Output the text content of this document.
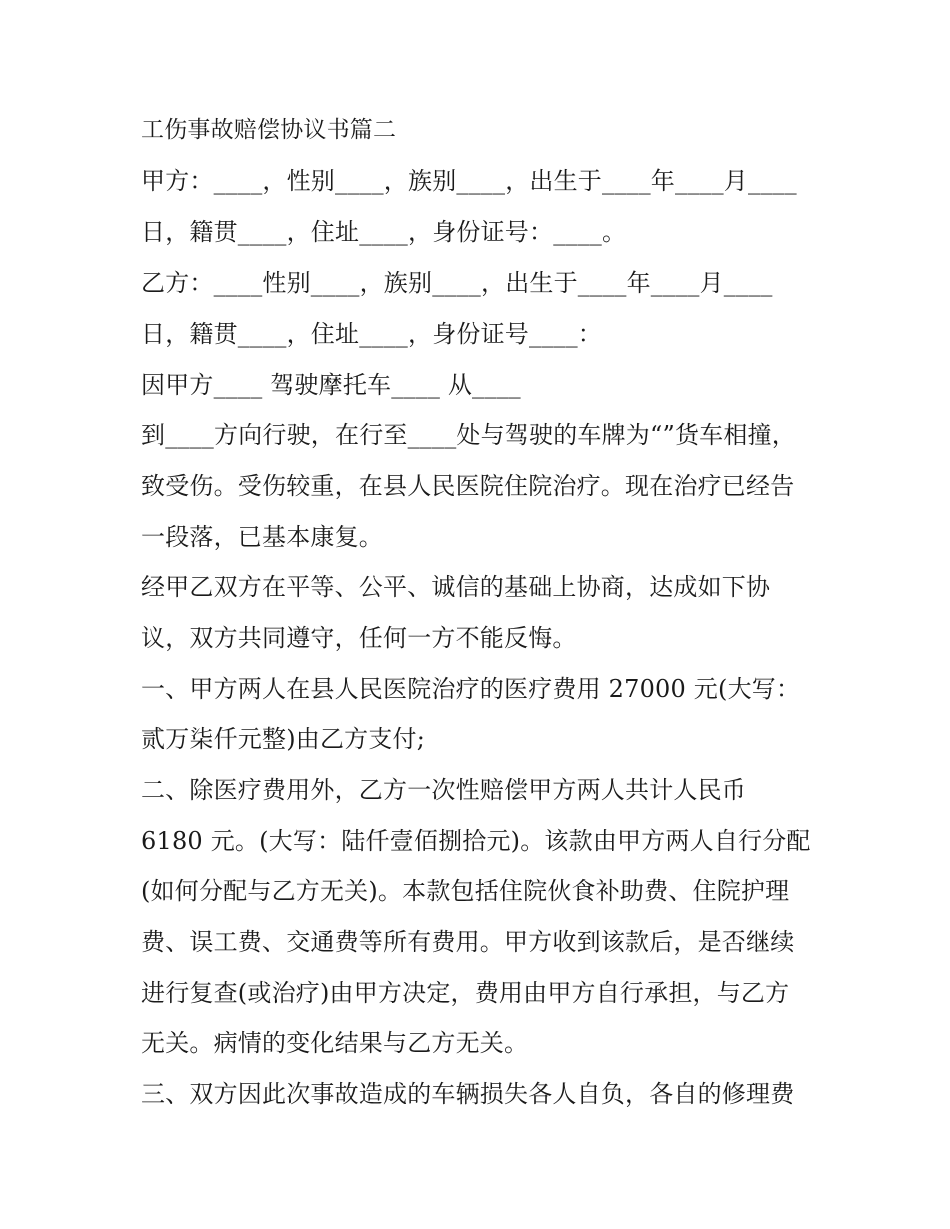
工伤事故赔偿协议书篇二

甲方：____，性别____，族别____，出生于____年____月____

日，籍贯____，住址____，身份证号：____。

乙方：____性别____，族别____，出生于____年____月____

日，籍贯____，住址____，身份证号____：

因甲方____ 驾驶摩托车____ 从____

到____方向行驶，在行至____处与驾驶的车牌为“”货车相撞，

致受伤。受伤较重，在县人民医院住院治疗。现在治疗已经告

一段落，已基本康复。

经甲乙双方在平等、公平、诚信的基础上协商，达成如下协

议，双方共同遵守，任何一方不能反悔。

一、甲方两人在县人民医院治疗的医疗费用 27000 元(大写：

贰万柒仟元整)由乙方支付;

二、除医疗费用外，乙方一次性赔偿甲方两人共计人民币

6180 元。(大写：陆仟壹佰捌拾元)。该款由甲方两人自行分配

(如何分配与乙方无关)。本款包括住院伙食补助费、住院护理

费、误工费、交通费等所有费用。甲方收到该款后，是否继续

进行复查(或治疗)由甲方决定，费用由甲方自行承担，与乙方

无关。病情的变化结果与乙方无关。

三、双方因此次事故造成的车辆损失各人自负，各自的修理费
